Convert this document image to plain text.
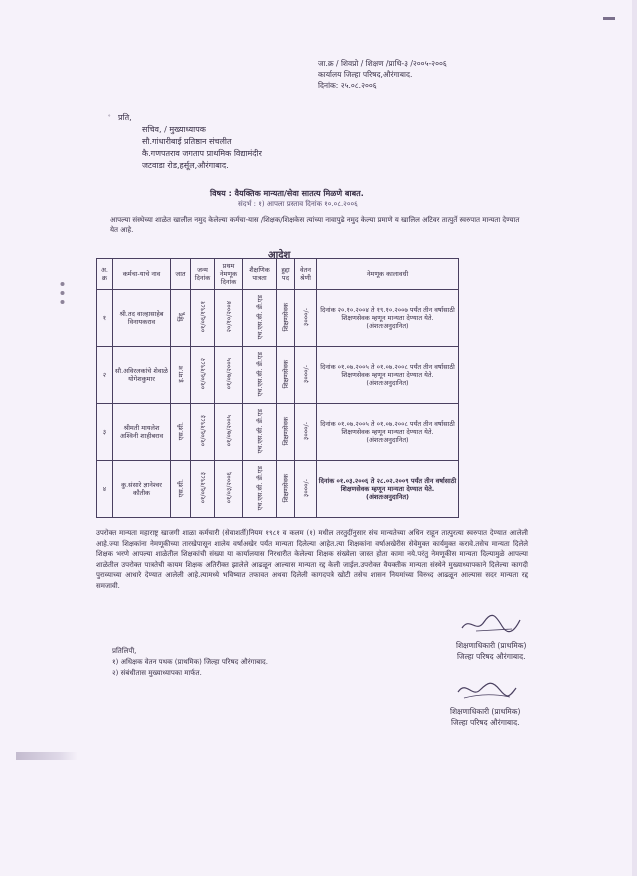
जा.क्र / शिवप्रो / शिक्षण /प्राथि-३ /२००५-२००६
कार्यालय जिल्हा परिषद,औरंगाबाद.
दिनांक: २५.०८.२००६
॰ प्रति,
सचिव, / मुख्याध्यापक
सौ.गांधारीबाई प्रतिष्ठान संचलीत
कै.गणपतराव जगताप प्राथमिक विद्यामंदीर
जटवाडा रोड,हर्सूल,औरंगाबाद.
विषय : वैयक्तिक मान्यता/सेवा सातत्य मिळणे बाबत.
संदर्भ : १) आपला प्रस्ताव दिनांक १०.०८.२००६

आपल्या संस्थेच्या शाळेत खालील नमुद केलेल्या कर्मचा-यास /शिक्षक/शिक्षकेस त्यांच्या नावापुढे नमुद केल्या प्रमाणे य खालिल अटिवर तात्पुर्ते स्वरुपात मान्यता देण्यात येत आहे.

आदेश
अ. क्र	कर्मचा-याचे नाव	जात	जन्म दिनांक	प्रथम नेमणूक दिनांक	शैक्षणिक पात्रता	हुद्दा पद	वेतन श्रेणी	नेमणूक कालावधी
१	श्री.तद वाल्हासाहेब विनायकराव	हिंदू	०१/०६/१९८१	२०/१०/२००४	एच.एस.सी. डी.एड	शिक्षणसेवक	३०००/-	दिनांक २०.१०.२००४ ते १९.१०.२००७ पर्यंत तीन वर्षासाठी शिक्षणसेवक म्हणून मान्यता देण्यात येते.
(अंशतःअनुदानित)

२	सौ.अविरलकांचे शेवाळे योगेशकुमार	इ.मा.व	०१/०६/१९८२	०१/०७/२००५	एच.एस.सी. डी.एड	शिक्षणसेवक	३०००/-	दिनांक ०१.०७.२००५ ते ०१.०७.२००८ पर्यंत तीन वर्षासाठी शिक्षणसेवक म्हणून मान्यता देण्यात येते.
(अंशतःअनुदानित)

३	श्रीमती मायलेश अश्विनी शाहीबराव	एस.सी.	०१/०६/१९८३	०१/०७/२००५	एच.एस.सी. डी.एड	शिक्षणसेवक	३०००/-	दिनांक ०१.०७.२००५ ते ०१.०७.२००८ पर्यंत तीन वर्षासाठी शिक्षणसेवक म्हणून मान्यता देण्यात येते.
(अंशतःअनुदानित)

४	कु.संसारे ज्ञानेश्वर कौतीक	एस.सी.	०१/०६/१९८३	०१/०३/२००६	एच.एस.सी. डी.एड	शिक्षणसेवक	३०००/-	दिनांक ०१.०३.२००६ ते २८.०२.२००९ पर्यंत तीन वर्षासाठी शिक्षणसेवक म्हणून मान्यता देण्यात येते.
(अंशतःअनुदानित)

उपरोक्त मान्यता महाराष्ट्र खाजगी शाळा कर्मचारी (सेवाशर्ती)नियम १९८१ व कलम (१) मधील तरतुदींनुसार संच मान्यतेच्या अधिन राहून तात्पुरत्या स्वरुपात देण्यात आलेली आहे.ज्या शिक्षकांना नेमणूकीच्या तारखेपासून शालेय वर्षाअखेर पर्यंत मान्यता दिलेल्या आहेत.त्या शिक्षकांना वर्षाअखेरीस सेवेमुक्त कार्यमुक्त करावे.तसेच मान्यता दिलेले शिक्षक भरणे आपल्या शाळेतील शिक्षकांची संख्या या कार्यालयास निरधारीत केलेल्या शिक्षक संख्येला जास्त होता कामा नये.परंतु नेमणूकीस मान्यता दिल्यामुळे आपल्या शाळेतील उपरोक्त पात्रतेची कायम शिक्षक अतिरीक्त झालेले आढळून आल्यास मान्यता रद्द केली जाईल.उपरोक्त वैयक्तीक मान्यता संस्थेने मुख्याध्यापकाने दिलेल्या कागदी पुराव्याच्या आधारे देण्यात आलेली आहे.त्यामध्ये भविष्यात तफावत अथवा दिलेली कागदपत्रे खोटी तसेच शासन नियमांच्या विरुध्द आढळून आल्यास सदर मान्यता रद्द समजावी.

शिक्षणाधिकारी (प्राथमिक)
जिल्हा परिषद औरंगाबाद.
प्रतिलिपी,
१) अधिक्षक वेतन पथक (प्राथमिक) जिल्हा परिषद औरंगाबाद.
२) संबंधीतास मुख्याध्यापका मार्फत.
शिक्षणाधिकारी (प्राथमिक)
जिल्हा परिषद औरंगाबाद.
